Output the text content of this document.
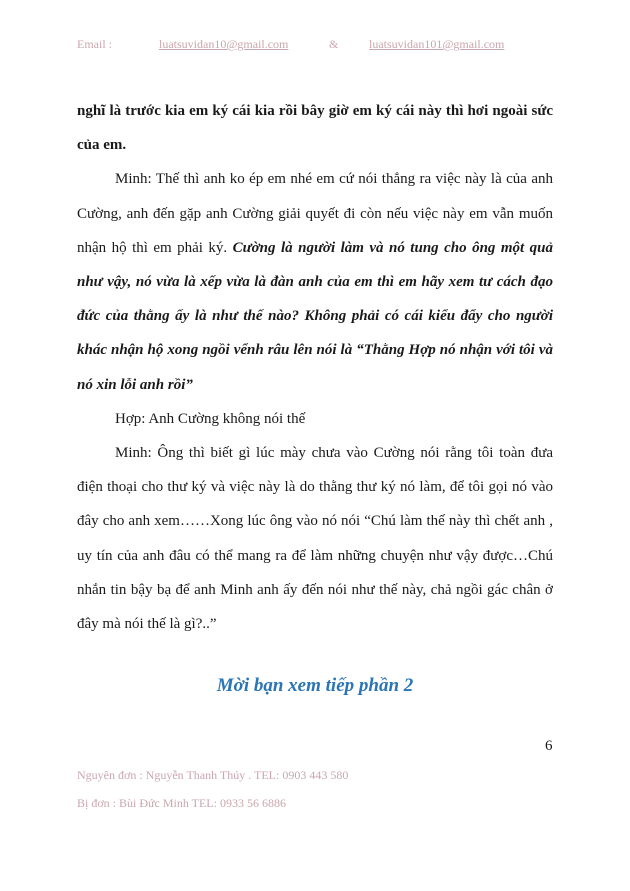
Email :	luatsuvidan10@gmail.com	&	luatsuvidan101@gmail.com

nghĩ là trước kia em ký cái kia rồi bây giờ em ký cái này thì hơi ngoài sức của em.

Minh: Thế thì anh ko ép em nhé em cứ nói thẳng ra việc này là của anh Cường, anh đến gặp anh Cường giải quyết đi còn nếu việc này em vẫn muốn nhận hộ thì em phải ký. Cường là người làm và nó tung cho ông một quả như vậy, nó vừa là xếp vừa là đàn anh của em thì em hãy xem tư cách đạo đức của thằng ấy là như thế nào? Không phải có cái kiểu đẩy cho người khác nhận hộ xong ngồi vểnh râu lên nói là “Thằng Hợp nó nhận với tôi và nó xin lỗi anh rồi”

Hợp: Anh Cường không nói thế

Minh: Ông thì biết gì lúc mày chưa vào Cường nói rằng tôi toàn đưa điện thoại cho thư ký và việc này là do thằng thư ký nó làm, để tôi gọi nó vào đây cho anh xem……Xong lúc ông vào nó nói “Chú làm thế này thì chết anh , uy tín của anh đâu có thể mang ra để làm những chuyện như vậy được…Chú nhắn tin bậy bạ để anh Minh anh ấy đến nói như thế này, chả ngồi gác chân ở đây mà nói thế là gì?..”

Mời bạn xem tiếp phần 2
6
Nguyên đơn : Nguyễn Thanh Thúy . TEL: 0903 443 580
Bị đơn : Bùi Đức Minh TEL: 0933 56 6886
